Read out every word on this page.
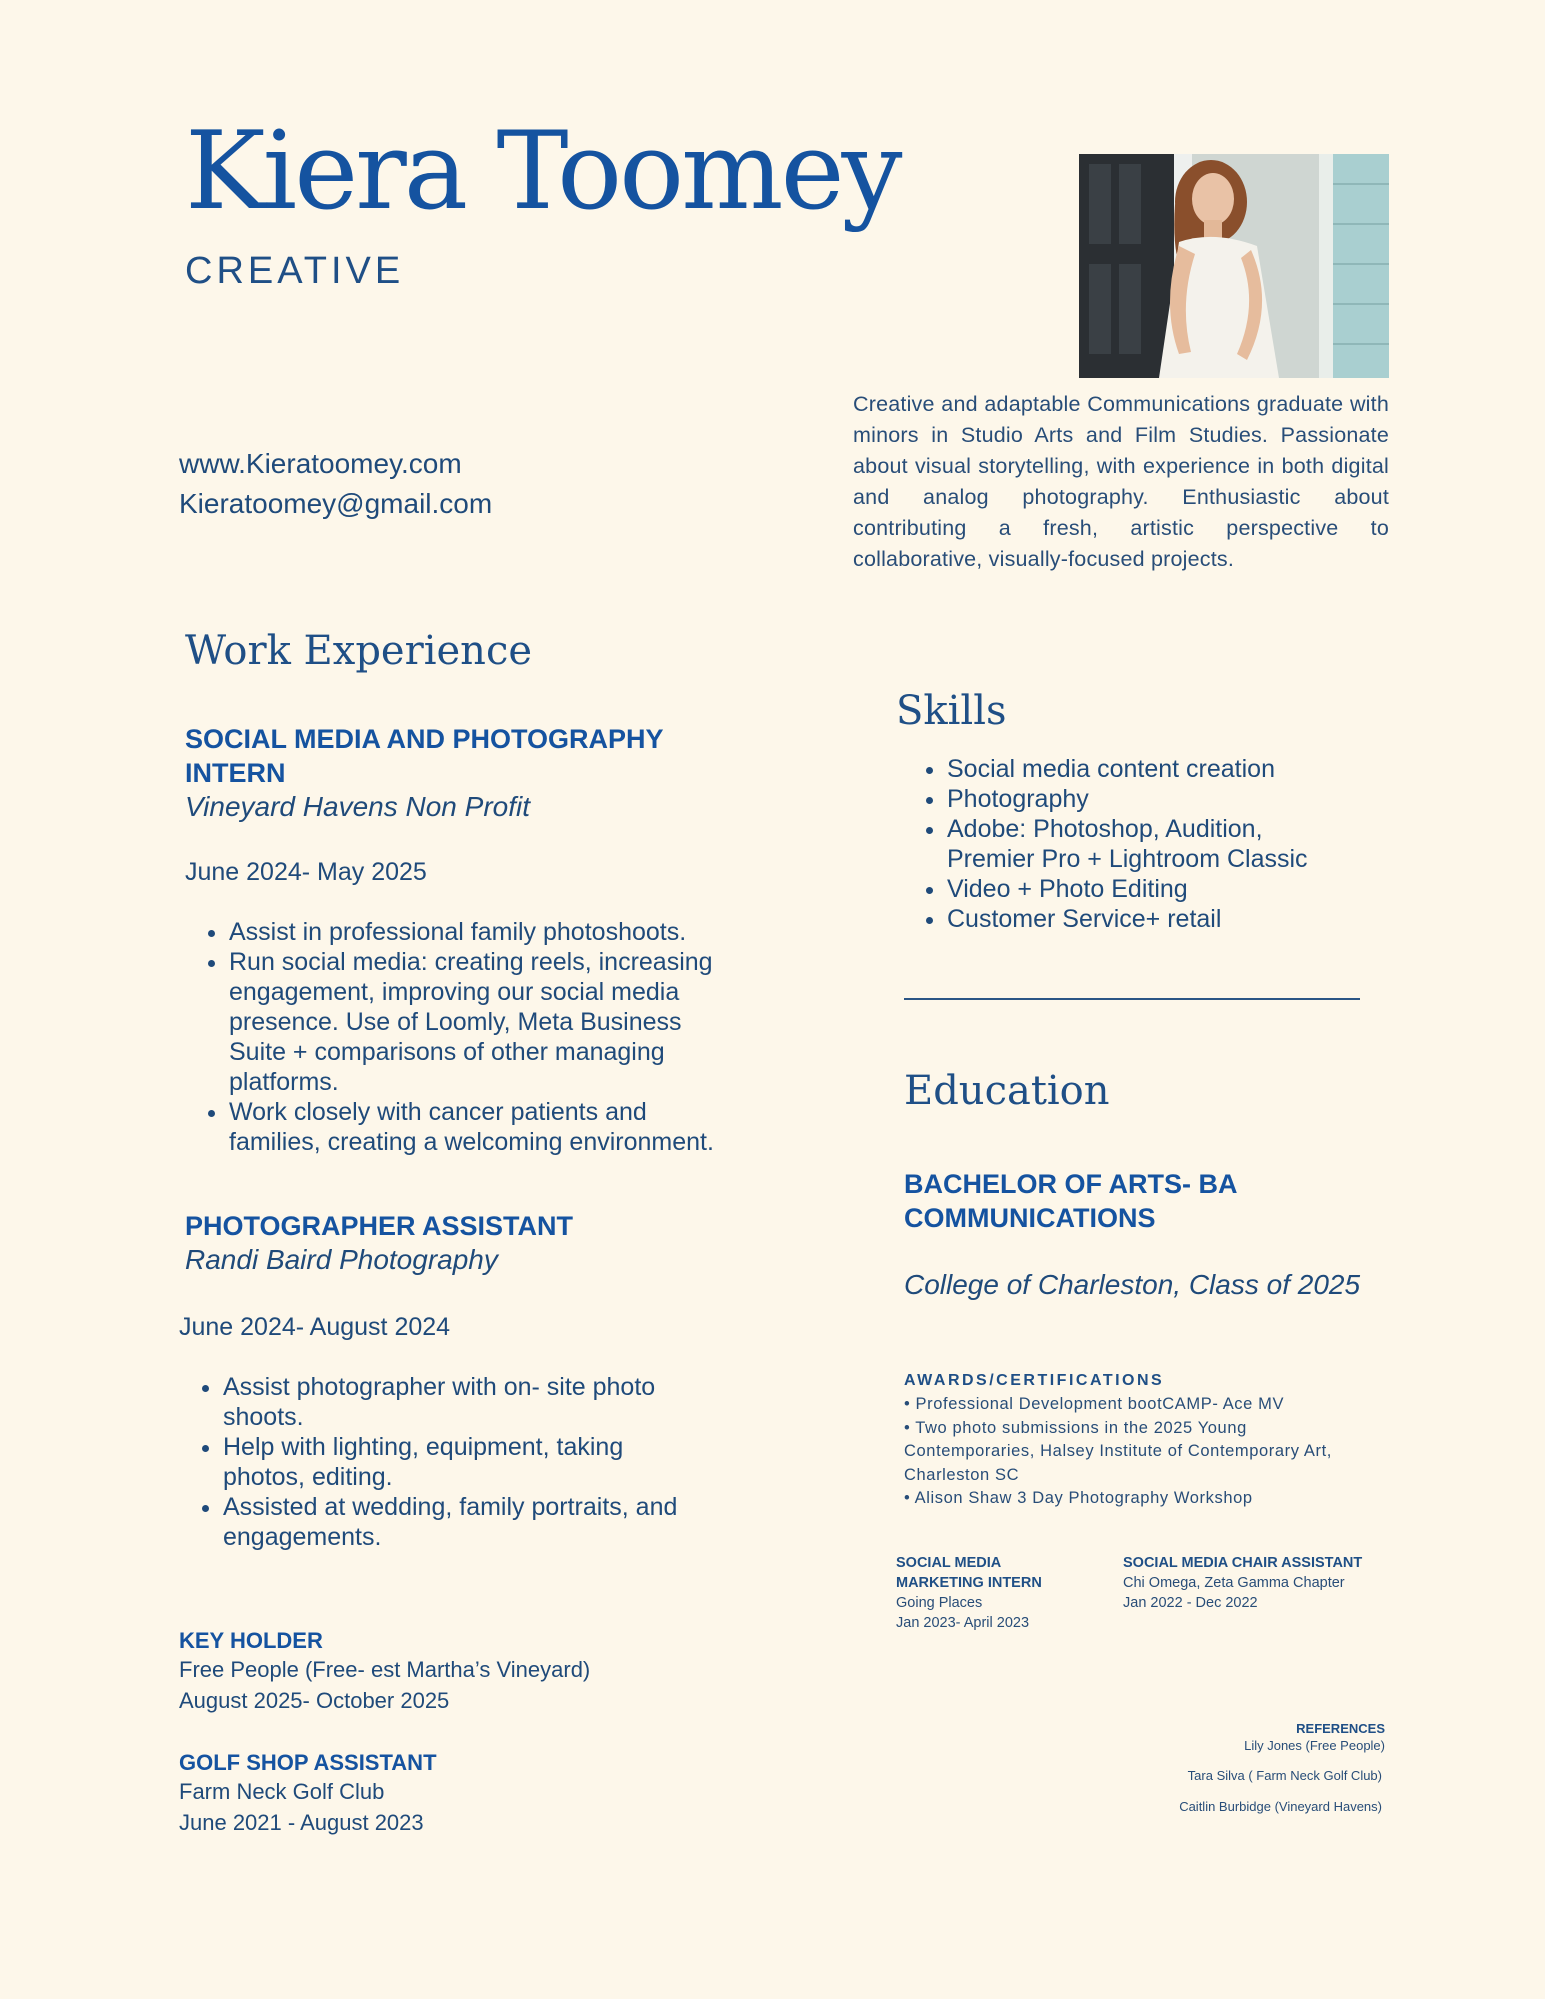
Kiera Toomey
CREATIVE
www.Kieratoomey.com
Kieratoomey@gmail.com
Creative and adaptable Communications graduate with minors in Studio Arts and Film Studies. Passionate about visual storytelling, with experience in both digital and analog photography. Enthusiastic about contributing a fresh, artistic perspective to collaborative, visually-focused projects.
Work Experience
SOCIAL MEDIA AND PHOTOGRAPHY INTERN
Vineyard Havens Non Profit
June 2024- May 2025
• Assist in professional family photoshoots.
• Run social media: creating reels, increasing engagement, improving our social media presence. Use of Loomly, Meta Business Suite + comparisons of other managing platforms.
• Work closely with cancer patients and families, creating a welcoming environment.
PHOTOGRAPHER ASSISTANT
Randi Baird Photography
June 2024- August 2024
• Assist photographer with on- site photo shoots.
• Help with lighting, equipment, taking photos, editing.
• Assisted at wedding, family portraits, and engagements.
KEY HOLDER
Free People (Free- est Martha’s Vineyard)
August 2025- October 2025
GOLF SHOP ASSISTANT
Farm Neck Golf Club
June 2021 - August 2023
Skills
• Social media content creation
• Photography
• Adobe: Photoshop, Audition, Premier Pro + Lightroom Classic
• Video + Photo Editing
• Customer Service+ retail
Education
BACHELOR OF ARTS- BA COMMUNICATIONS
College of Charleston, Class of 2025
AWARDS/CERTIFICATIONS
• Professional Development bootCAMP- Ace MV
• Two photo submissions in the 2025 Young Contemporaries, Halsey Institute of Contemporary Art, Charleston SC
• Alison Shaw 3 Day Photography Workshop
SOCIAL MEDIA MARKETING INTERN
Going Places
Jan 2023- April 2023
SOCIAL MEDIA CHAIR ASSISTANT
Chi Omega, Zeta Gamma Chapter
Jan 2022 - Dec 2022
REFERENCES
Lily Jones (Free People)
Tara Silva ( Farm Neck Golf Club)
Caitlin Burbidge (Vineyard Havens)
